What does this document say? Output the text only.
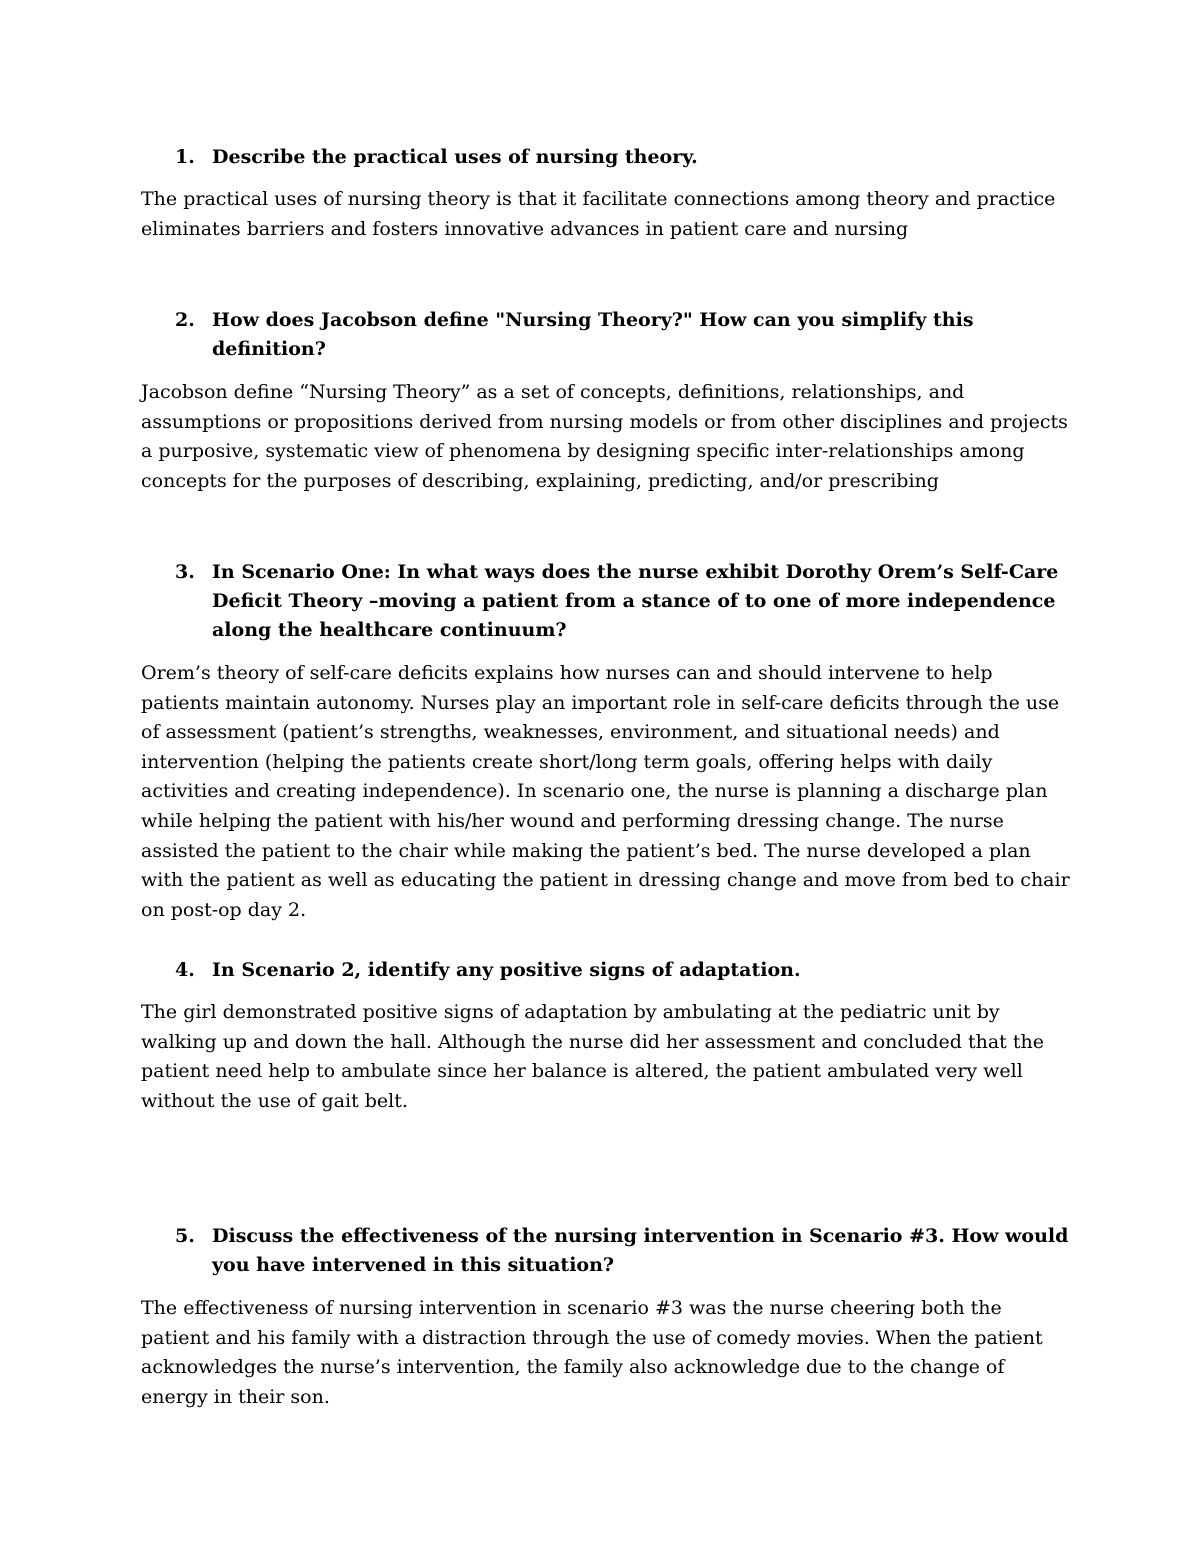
1. Describe the practical uses of nursing theory.

The practical uses of nursing theory is that it facilitate connections among theory and practice eliminates barriers and fosters innovative advances in patient care and nursing

2. How does Jacobson define "Nursing Theory?" How can you simplify this definition?

Jacobson define “Nursing Theory” as a set of concepts, definitions, relationships, and assumptions or propositions derived from nursing models or from other disciplines and projects a purposive, systematic view of phenomena by designing specific inter-relationships among concepts for the purposes of describing, explaining, predicting, and/or prescribing

3. In Scenario One: In what ways does the nurse exhibit Dorothy Orem’s Self-Care Deficit Theory –moving a patient from a stance of to one of more independence along the healthcare continuum?

Orem’s theory of self-care deficits explains how nurses can and should intervene to help patients maintain autonomy. Nurses play an important role in self-care deficits through the use of assessment (patient’s strengths, weaknesses, environment, and situational needs) and intervention (helping the patients create short/long term goals, offering helps with daily activities and creating independence). In scenario one, the nurse is planning a discharge plan while helping the patient with his/her wound and performing dressing change. The nurse assisted the patient to the chair while making the patient’s bed. The nurse developed a plan with the patient as well as educating the patient in dressing change and move from bed to chair on post-op day 2.

4. In Scenario 2, identify any positive signs of adaptation.

The girl demonstrated positive signs of adaptation by ambulating at the pediatric unit by walking up and down the hall. Although the nurse did her assessment and concluded that the patient need help to ambulate since her balance is altered, the patient ambulated very well without the use of gait belt.

5. Discuss the effectiveness of the nursing intervention in Scenario #3. How would you have intervened in this situation?

The effectiveness of nursing intervention in scenario #3 was the nurse cheering both the patient and his family with a distraction through the use of comedy movies. When the patient acknowledges the nurse’s intervention, the family also acknowledge due to the change of energy in their son.
